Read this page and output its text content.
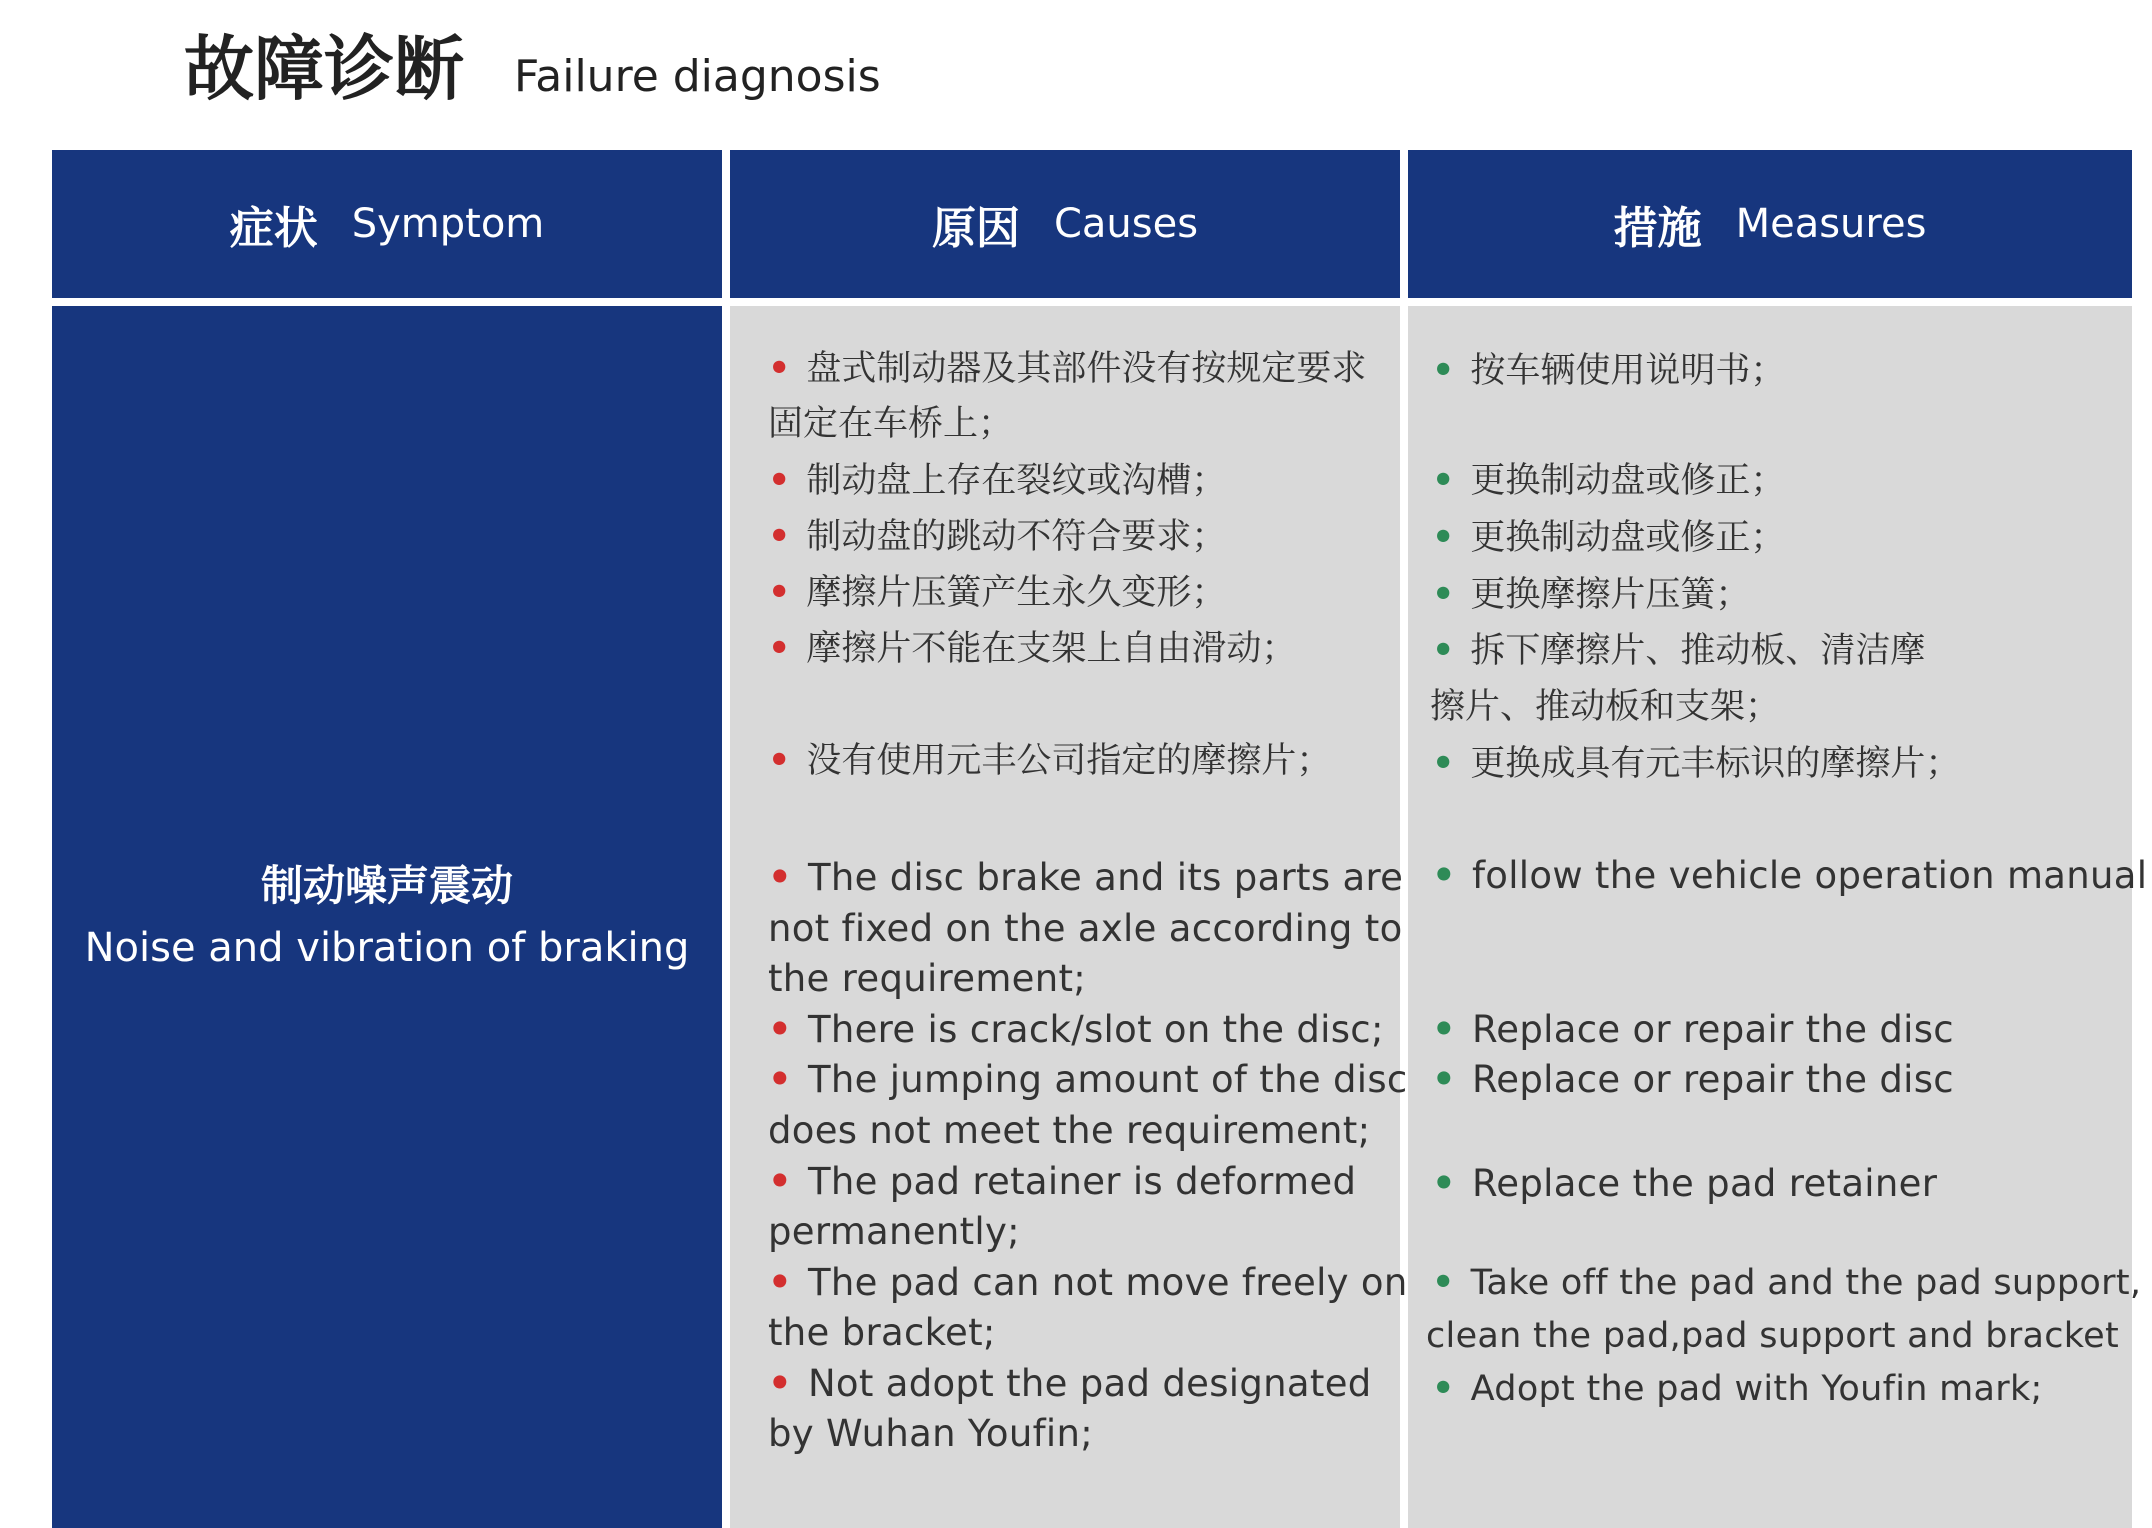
故障诊断 Failure diagnosis
症状 Symptom	原因 Causes	措施 Measures
制动噪声震动
Noise and vibration of braking
• 盘式制动器及其部件没有按规定要求
固定在车桥上；
• 制动盘上存在裂纹或沟槽；
• 制动盘的跳动不符合要求；
• 摩擦片压簧产生永久变形；
• 摩擦片不能在支架上自由滑动；
• 没有使用元丰公司指定的摩擦片；
• The disc brake and its parts are
not fixed on the axle according to
the requirement;
• There is crack/slot on the disc;
• The jumping amount of the disc
does not meet the requirement;
• The pad retainer is deformed
permanently;
• The pad can not move freely on
the bracket;
• Not adopt the pad designated
by Wuhan Youfin;
• 按车辆使用说明书；
• 更换制动盘或修正；
• 更换制动盘或修正；
• 更换摩擦片压簧；
• 拆下摩擦片、推动板、清洁摩
擦片、推动板和支架；
• 更换成具有元丰标识的摩擦片；
• follow the vehicle operation manual
• Replace or repair the disc
• Replace or repair the disc
• Replace the pad retainer
• Take off the pad and the pad support,
clean the pad,pad support and bracket
• Adopt the pad with Youfin mark;
